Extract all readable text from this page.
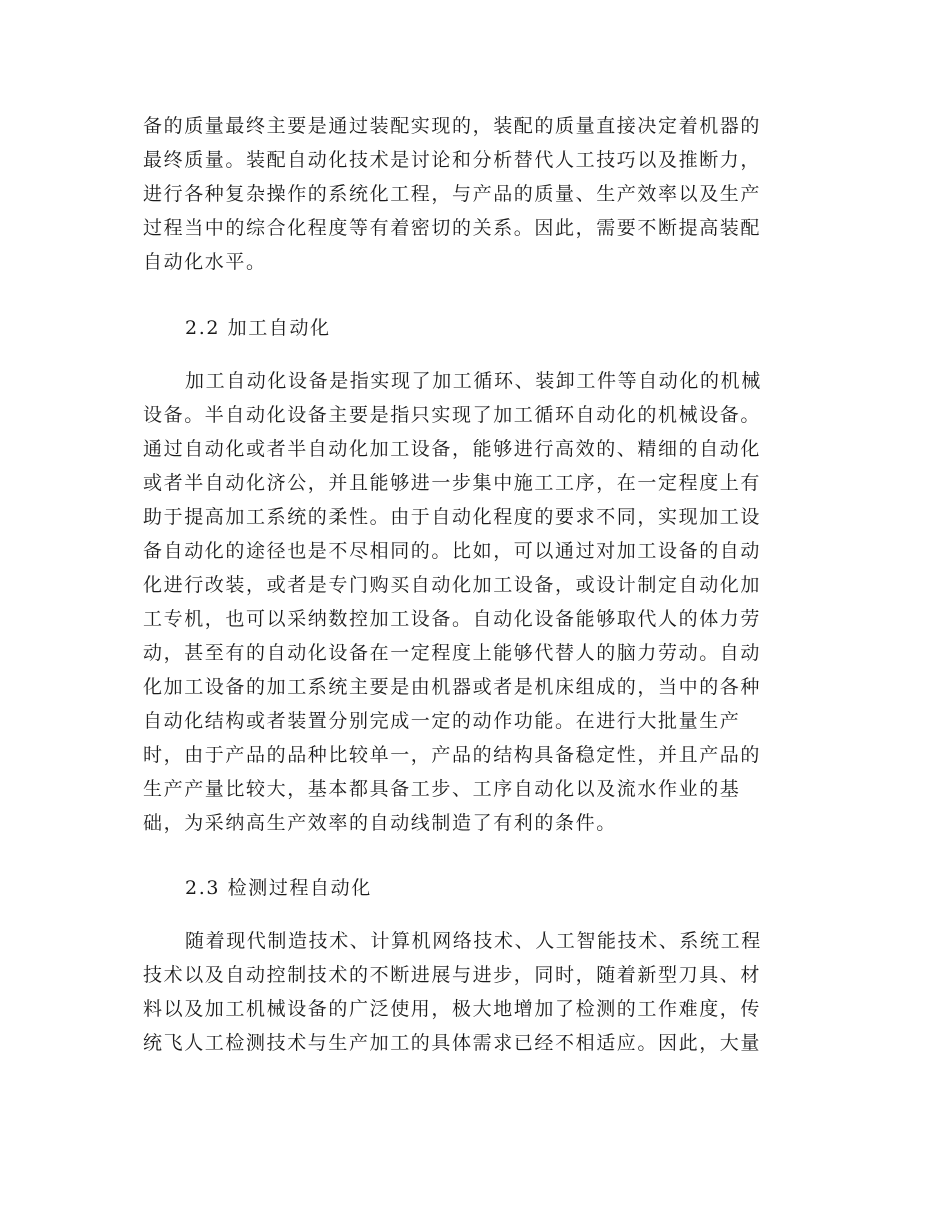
备的质量最终主要是通过装配实现的，装配的质量直接决定着机器的
最终质量。装配自动化技术是讨论和分析替代人工技巧以及推断力，
进行各种复杂操作的系统化工程，与产品的质量、生产效率以及生产
过程当中的综合化程度等有着密切的关系。因此，需要不断提高装配
自动化水平。
2.2 加工自动化
加工自动化设备是指实现了加工循环、装卸工件等自动化的机械
设备。半自动化设备主要是指只实现了加工循环自动化的机械设备。
通过自动化或者半自动化加工设备，能够进行高效的、精细的自动化
或者半自动化济公，并且能够进一步集中施工工序，在一定程度上有
助于提高加工系统的柔性。由于自动化程度的要求不同，实现加工设
备自动化的途径也是不尽相同的。比如，可以通过对加工设备的自动
化进行改装，或者是专门购买自动化加工设备，或设计制定自动化加
工专机，也可以采纳数控加工设备。自动化设备能够取代人的体力劳
动，甚至有的自动化设备在一定程度上能够代替人的脑力劳动。自动
化加工设备的加工系统主要是由机器或者是机床组成的，当中的各种
自动化结构或者装置分别完成一定的动作功能。在进行大批量生产
时，由于产品的品种比较单一，产品的结构具备稳定性，并且产品的
生产产量比较大，基本都具备工步、工序自动化以及流水作业的基
础，为采纳高生产效率的自动线制造了有利的条件。
2.3 检测过程自动化
随着现代制造技术、计算机网络技术、人工智能技术、系统工程
技术以及自动控制技术的不断进展与进步，同时，随着新型刀具、材
料以及加工机械设备的广泛使用，极大地增加了检测的工作难度，传
统飞人工检测技术与生产加工的具体需求已经不相适应。因此，大量
